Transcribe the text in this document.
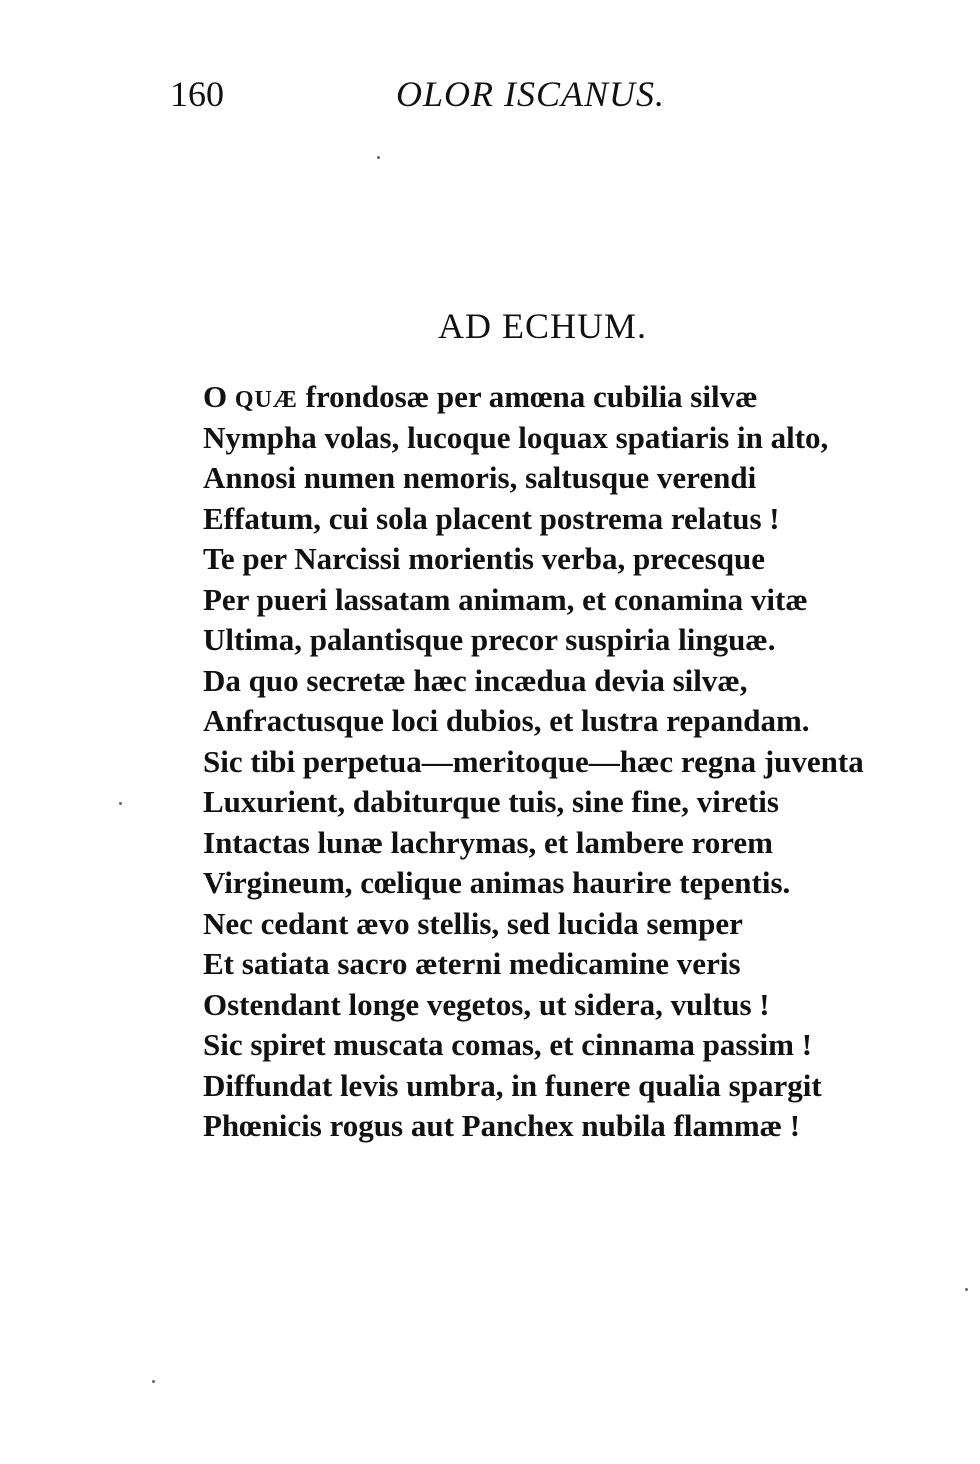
160	OLOR ISCANUS.
AD ECHUM.
O QUÆ frondosæ per amœna cubilia silvæ
Nympha volas, lucoque loquax spatiaris in alto,
Annosi numen nemoris, saltusque verendi
Effatum, cui sola placent postrema relatus !
Te per Narcissi morientis verba, precesque
Per pueri lassatam animam, et conamina vitæ
Ultima, palantisque precor suspiria linguæ.
Da quo secretæ hæc incædua devia silvæ,
Anfractusque loci dubios, et lustra repandam.
Sic tibi perpetua—meritoque—hæc regna juventa
Luxurient, dabiturque tuis, sine fine, viretis
Intactas lunæ lachrymas, et lambere rorem
Virgineum, cœlique animas haurire tepentis.
Nec cedant ævo stellis, sed lucida semper
Et satiata sacro æterni medicamine veris
Ostendant longe vegetos, ut sidera, vultus !
Sic spiret muscata comas, et cinnama passim !
Diffundat levis umbra, in funere qualia spargit
Phœnicis rogus aut Panchex nubila flammæ !
